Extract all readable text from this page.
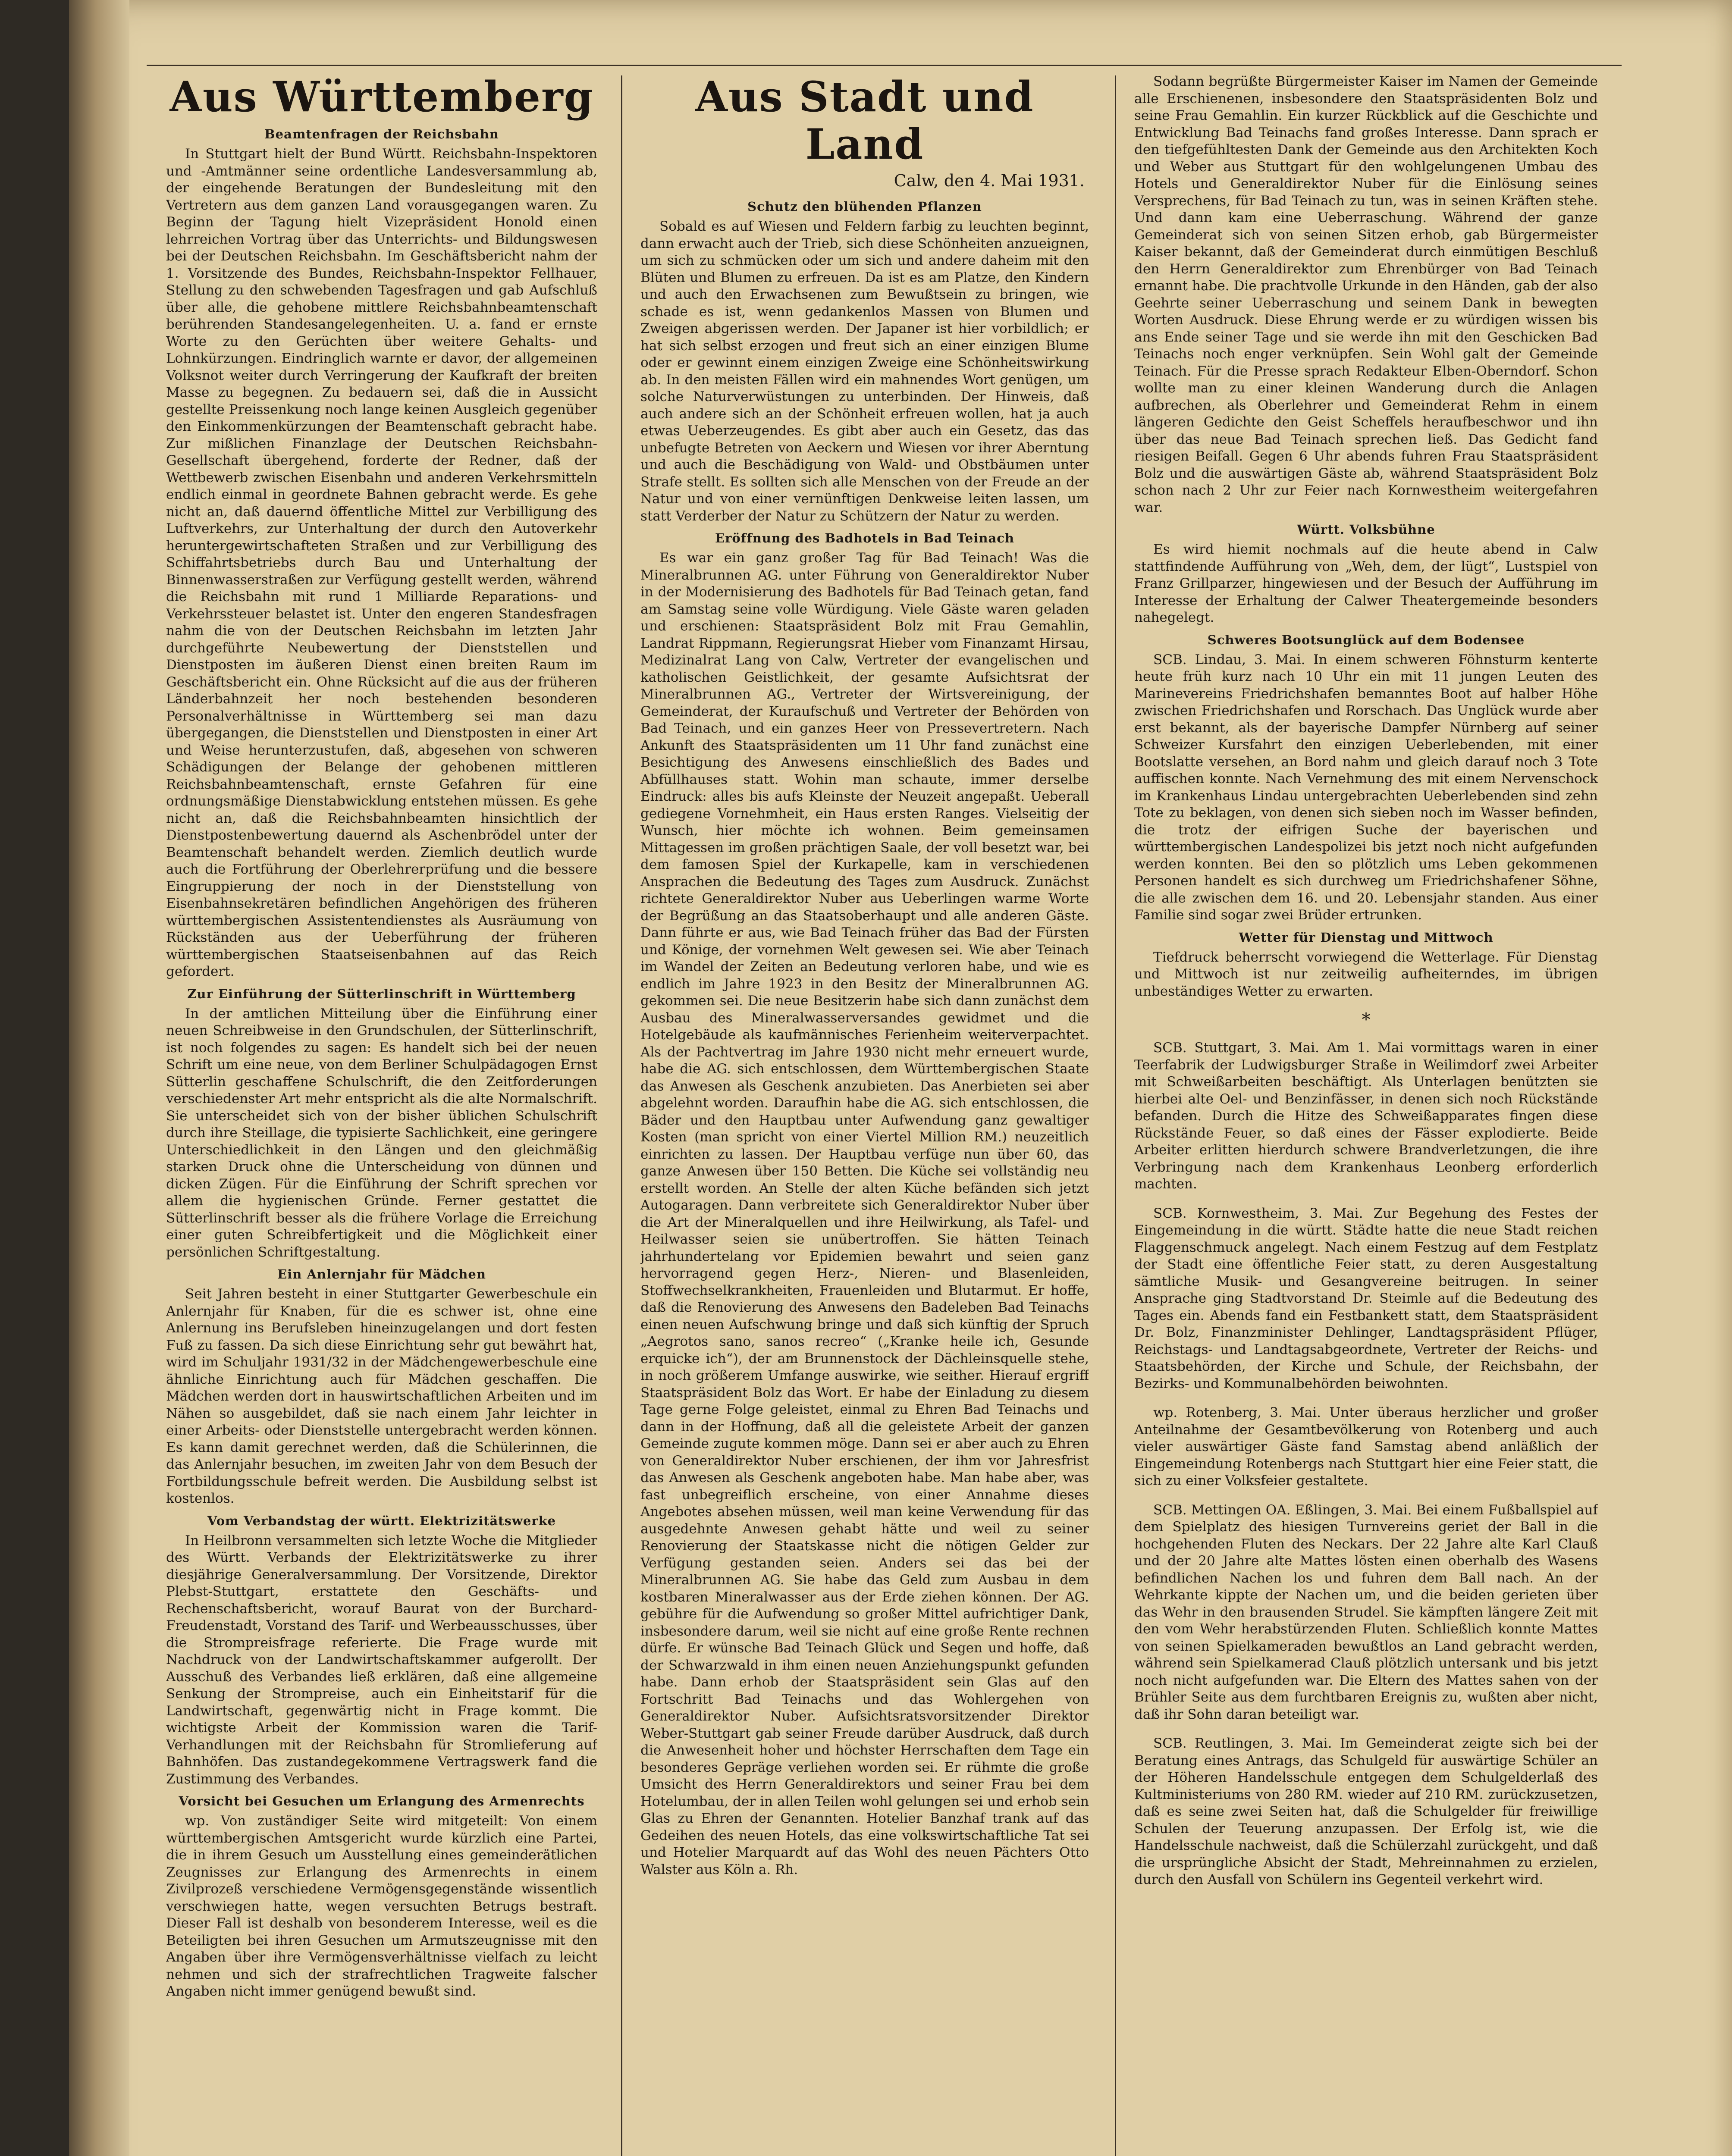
Aus Württemberg
Beamtenfragen der Reichsbahn

In Stuttgart hielt der Bund Württ. Reichsbahn-Inspektoren und -Amtmänner seine ordentliche Landesversammlung ab, der eingehende Beratungen der Bundesleitung mit den Vertretern aus dem ganzen Land vorausgegangen waren. Zu Beginn der Tagung hielt Vizepräsident Honold einen lehrreichen Vortrag über das Unterrichts- und Bildungswesen bei der Deutschen Reichsbahn. Im Geschäftsbericht nahm der 1. Vorsitzende des Bundes, Reichsbahn-Inspektor Fellhauer, Stellung zu den schwebenden Tagesfragen und gab Aufschluß über alle, die gehobene mittlere Reichsbahnbeamtenschaft berührenden Standesangelegenheiten. U. a. fand er ernste Worte zu den Gerüchten über weitere Gehalts- und Lohnkürzungen. Eindringlich warnte er davor, der allgemeinen Volksnot weiter durch Verringerung der Kaufkraft der breiten Masse zu begegnen. Zu bedauern sei, daß die in Aussicht gestellte Preissenkung noch lange keinen Ausgleich gegenüber den Einkommenkürzungen der Beamtenschaft gebracht habe. Zur mißlichen Finanzlage der Deutschen Reichsbahn-Gesellschaft übergehend, forderte der Redner, daß der Wettbewerb zwischen Eisenbahn und anderen Verkehrsmitteln endlich einmal in geordnete Bahnen gebracht werde. Es gehe nicht an, daß dauernd öffentliche Mittel zur Verbilligung des Luftverkehrs, zur Unterhaltung der durch den Autoverkehr heruntergewirtschafteten Straßen und zur Verbilligung des Schiffahrtsbetriebs durch Bau und Unterhaltung der Binnenwasserstraßen zur Verfügung gestellt werden, während die Reichsbahn mit rund 1 Milliarde Reparations- und Verkehrssteuer belastet ist. Unter den engeren Standesfragen nahm die von der Deutschen Reichsbahn im letzten Jahr durchgeführte Neubewertung der Dienststellen und Dienstposten im äußeren Dienst einen breiten Raum im Geschäftsbericht ein. Ohne Rücksicht auf die aus der früheren Länderbahnzeit her noch bestehenden besonderen Personalverhältnisse in Württemberg sei man dazu übergegangen, die Dienststellen und Dienstposten in einer Art und Weise herunterzustufen, daß, abgesehen von schweren Schädigungen der Belange der gehobenen mittleren Reichsbahnbeamtenschaft, ernste Gefahren für eine ordnungsmäßige Dienstabwicklung entstehen müssen. Es gehe nicht an, daß die Reichsbahnbeamten hinsichtlich der Dienstpostenbewertung dauernd als Aschenbrödel unter der Beamtenschaft behandelt werden. Ziemlich deutlich wurde auch die Fortführung der Oberlehrerprüfung und die bessere Eingruppierung der noch in der Dienststellung von Eisenbahnsekretären befindlichen Angehörigen des früheren württembergischen Assistentendienstes als Ausräumung von Rückständen aus der Ueberführung der früheren württembergischen Staatseisenbahnen auf das Reich gefordert.

Zur Einführung der Sütterlinschrift in Württemberg

In der amtlichen Mitteilung über die Einführung einer neuen Schreibweise in den Grundschulen, der Sütterlinschrift, ist noch folgendes zu sagen: Es handelt sich bei der neuen Schrift um eine neue, von dem Berliner Schulpädagogen Ernst Sütterlin geschaffene Schulschrift, die den Zeitforderungen verschiedenster Art mehr entspricht als die alte Normalschrift. Sie unterscheidet sich von der bisher üblichen Schulschrift durch ihre Steillage, die typisierte Sachlichkeit, eine geringere Unterschiedlichkeit in den Längen und den gleichmäßig starken Druck ohne die Unterscheidung von dünnen und dicken Zügen. Für die Einführung der Schrift sprechen vor allem die hygienischen Gründe. Ferner gestattet die Sütterlinschrift besser als die frühere Vorlage die Erreichung einer guten Schreibfertigkeit und die Möglichkeit einer persönlichen Schriftgestaltung.

Ein Anlernjahr für Mädchen

Seit Jahren besteht in einer Stuttgarter Gewerbeschule ein Anlernjahr für Knaben, für die es schwer ist, ohne eine Anlernung ins Berufsleben hineinzugelangen und dort festen Fuß zu fassen. Da sich diese Einrichtung sehr gut bewährt hat, wird im Schuljahr 1931/32 in der Mädchengewerbeschule eine ähnliche Einrichtung auch für Mädchen geschaffen. Die Mädchen werden dort in hauswirtschaftlichen Arbeiten und im Nähen so ausgebildet, daß sie nach einem Jahr leichter in einer Arbeits- oder Dienststelle untergebracht werden können. Es kann damit gerechnet werden, daß die Schülerinnen, die das Anlernjahr besuchen, im zweiten Jahr von dem Besuch der Fortbildungsschule befreit werden. Die Ausbildung selbst ist kostenlos.

Vom Verbandstag der württ. Elektrizitätswerke

In Heilbronn versammelten sich letzte Woche die Mitglieder des Württ. Verbands der Elektrizitätswerke zu ihrer diesjährige Generalversammlung. Der Vorsitzende, Direktor Plebst-Stuttgart, erstattete den Geschäfts- und Rechenschaftsbericht, worauf Baurat von der Burchard-Freudenstadt, Vorstand des Tarif- und Werbeausschusses, über die Strompreisfrage referierte. Die Frage wurde mit Nachdruck von der Landwirtschaftskammer aufgerollt. Der Ausschuß des Verbandes ließ erklären, daß eine allgemeine Senkung der Strompreise, auch ein Einheitstarif für die Landwirtschaft, gegenwärtig nicht in Frage kommt. Die wichtigste Arbeit der Kommission waren die Tarif-Verhandlungen mit der Reichsbahn für Stromlieferung auf Bahnhöfen. Das zustandegekommene Vertragswerk fand die Zustimmung des Verbandes.

Vorsicht bei Gesuchen um Erlangung des Armenrechts

wp. Von zuständiger Seite wird mitgeteilt: Von einem württembergischen Amtsgericht wurde kürzlich eine Partei, die in ihrem Gesuch um Ausstellung eines gemeinderätlichen Zeugnisses zur Erlangung des Armenrechts in einem Zivilprozeß verschiedene Vermögensgegenstände wissentlich verschwiegen hatte, wegen versuchten Betrugs bestraft. Dieser Fall ist deshalb von besonderem Interesse, weil es die Beteiligten bei ihren Gesuchen um Armutszeugnisse mit den Angaben über ihre Vermögensverhältnisse vielfach zu leicht nehmen und sich der strafrechtlichen Tragweite falscher Angaben nicht immer genügend bewußt sind.

Aus Stadt und Land
Calw, den 4. Mai 1931.
Schutz den blühenden Pflanzen

Sobald es auf Wiesen und Feldern farbig zu leuchten beginnt, dann erwacht auch der Trieb, sich diese Schönheiten anzueignen, um sich zu schmücken oder um sich und andere daheim mit den Blüten und Blumen zu erfreuen. Da ist es am Platze, den Kindern und auch den Erwachsenen zum Bewußtsein zu bringen, wie schade es ist, wenn gedankenlos Massen von Blumen und Zweigen abgerissen werden. Der Japaner ist hier vorbildlich; er hat sich selbst erzogen und freut sich an einer einzigen Blume oder er gewinnt einem einzigen Zweige eine Schönheitswirkung ab. In den meisten Fällen wird ein mahnendes Wort genügen, um solche Naturverwüstungen zu unterbinden. Der Hinweis, daß auch andere sich an der Schönheit erfreuen wollen, hat ja auch etwas Ueberzeugendes. Es gibt aber auch ein Gesetz, das das unbefugte Betreten von Aeckern und Wiesen vor ihrer Aberntung und auch die Beschädigung von Wald- und Obstbäumen unter Strafe stellt. Es sollten sich alle Menschen von der Freude an der Natur und von einer vernünftigen Denkweise leiten lassen, um statt Verderber der Natur zu Schützern der Natur zu werden.

Eröffnung des Badhotels in Bad Teinach

Es war ein ganz großer Tag für Bad Teinach! Was die Mineralbrunnen AG. unter Führung von Generaldirektor Nuber in der Modernisierung des Badhotels für Bad Teinach getan, fand am Samstag seine volle Würdigung. Viele Gäste waren geladen und erschienen: Staatspräsident Bolz mit Frau Gemahlin, Landrat Rippmann, Regierungsrat Hieber vom Finanzamt Hirsau, Medizinalrat Lang von Calw, Vertreter der evangelischen und katholischen Geistlichkeit, der gesamte Aufsichtsrat der Mineralbrunnen AG., Vertreter der Wirtsvereinigung, der Gemeinderat, der Kuraufschuß und Vertreter der Behörden von Bad Teinach, und ein ganzes Heer von Pressevertretern. Nach Ankunft des Staatspräsidenten um 11 Uhr fand zunächst eine Besichtigung des Anwesens einschließlich des Bades und Abfüllhauses statt. Wohin man schaute, immer derselbe Eindruck: alles bis aufs Kleinste der Neuzeit angepaßt. Ueberall gediegene Vornehmheit, ein Haus ersten Ranges. Vielseitig der Wunsch, hier möchte ich wohnen. Beim gemeinsamen Mittagessen im großen prächtigen Saale, der voll besetzt war, bei dem famosen Spiel der Kurkapelle, kam in verschiedenen Ansprachen die Bedeutung des Tages zum Ausdruck. Zunächst richtete Generaldirektor Nuber aus Ueberlingen warme Worte der Begrüßung an das Staatsoberhaupt und alle anderen Gäste. Dann führte er aus, wie Bad Teinach früher das Bad der Fürsten und Könige, der vornehmen Welt gewesen sei. Wie aber Teinach im Wandel der Zeiten an Bedeutung verloren habe, und wie es endlich im Jahre 1923 in den Besitz der Mineralbrunnen AG. gekommen sei. Die neue Besitzerin habe sich dann zunächst dem Ausbau des Mineralwasserversandes gewidmet und die Hotelgebäude als kaufmännisches Ferienheim weiterverpachtet. Als der Pachtvertrag im Jahre 1930 nicht mehr erneuert wurde, habe die AG. sich entschlossen, dem Württembergischen Staate das Anwesen als Geschenk anzubieten. Das Anerbieten sei aber abgelehnt worden. Daraufhin habe die AG. sich entschlossen, die Bäder und den Hauptbau unter Aufwendung ganz gewaltiger Kosten (man spricht von einer Viertel Million RM.) neuzeitlich einrichten zu lassen. Der Hauptbau verfüge nun über 60, das ganze Anwesen über 150 Betten. Die Küche sei vollständig neu erstellt worden. An Stelle der alten Küche befänden sich jetzt Autogaragen. Dann verbreitete sich Generaldirektor Nuber über die Art der Mineralquellen und ihre Heilwirkung, als Tafel- und Heilwasser seien sie unübertroffen. Sie hätten Teinach jahrhundertelang vor Epidemien bewahrt und seien ganz hervorragend gegen Herz-, Nieren- und Blasenleiden, Stoffwechselkrankheiten, Frauenleiden und Blutarmut. Er hoffe, daß die Renovierung des Anwesens den Badeleben Bad Teinachs einen neuen Aufschwung bringe und daß sich künftig der Spruch „Aegrotos sano, sanos recreo“ („Kranke heile ich, Gesunde erquicke ich“), der am Brunnenstock der Dächleinsquelle stehe, in noch größerem Umfange auswirke, wie seither. Hierauf ergriff Staatspräsident Bolz das Wort. Er habe der Einladung zu diesem Tage gerne Folge geleistet, einmal zu Ehren Bad Teinachs und dann in der Hoffnung, daß all die geleistete Arbeit der ganzen Gemeinde zugute kommen möge. Dann sei er aber auch zu Ehren von Generaldirektor Nuber erschienen, der ihm vor Jahresfrist das Anwesen als Geschenk angeboten habe. Man habe aber, was fast unbegreiflich erscheine, von einer Annahme dieses Angebotes absehen müssen, weil man keine Verwendung für das ausgedehnte Anwesen gehabt hätte und weil zu seiner Renovierung der Staatskasse nicht die nötigen Gelder zur Verfügung gestanden seien. Anders sei das bei der Mineralbrunnen AG. Sie habe das Geld zum Ausbau in dem kostbaren Mineralwasser aus der Erde ziehen können. Der AG. gebühre für die Aufwendung so großer Mittel aufrichtiger Dank, insbesondere darum, weil sie nicht auf eine große Rente rechnen dürfe. Er wünsche Bad Teinach Glück und Segen und hoffe, daß der Schwarzwald in ihm einen neuen Anziehungspunkt gefunden habe. Dann erhob der Staatspräsident sein Glas auf den Fortschritt Bad Teinachs und das Wohlergehen von Generaldirektor Nuber. Aufsichtsratsvorsitzender Direktor Weber-Stuttgart gab seiner Freude darüber Ausdruck, daß durch die Anwesenheit hoher und höchster Herrschaften dem Tage ein besonderes Gepräge verliehen worden sei. Er rühmte die große Umsicht des Herrn Generaldirektors und seiner Frau bei dem Hotelumbau, der in allen Teilen wohl gelungen sei und erhob sein Glas zu Ehren der Genannten. Hotelier Banzhaf trank auf das Gedeihen des neuen Hotels, das eine volkswirtschaftliche Tat sei und Hotelier Marquardt auf das Wohl des neuen Pächters Otto Walster aus Köln a. Rh.

Sodann begrüßte Bürgermeister Kaiser im Namen der Gemeinde alle Erschienenen, insbesondere den Staatspräsidenten Bolz und seine Frau Gemahlin. Ein kurzer Rückblick auf die Geschichte und Entwicklung Bad Teinachs fand großes Interesse. Dann sprach er den tiefgefühltesten Dank der Gemeinde aus den Architekten Koch und Weber aus Stuttgart für den wohlgelungenen Umbau des Hotels und Generaldirektor Nuber für die Einlösung seines Versprechens, für Bad Teinach zu tun, was in seinen Kräften stehe. Und dann kam eine Ueberraschung. Während der ganze Gemeinderat sich von seinen Sitzen erhob, gab Bürgermeister Kaiser bekannt, daß der Gemeinderat durch einmütigen Beschluß den Herrn Generaldirektor zum Ehrenbürger von Bad Teinach ernannt habe. Die prachtvolle Urkunde in den Händen, gab der also Geehrte seiner Ueberraschung und seinem Dank in bewegten Worten Ausdruck. Diese Ehrung werde er zu würdigen wissen bis ans Ende seiner Tage und sie werde ihn mit den Geschicken Bad Teinachs noch enger verknüpfen. Sein Wohl galt der Gemeinde Teinach. Für die Presse sprach Redakteur Elben-Oberndorf. Schon wollte man zu einer kleinen Wanderung durch die Anlagen aufbrechen, als Oberlehrer und Gemeinderat Rehm in einem längeren Gedichte den Geist Scheffels heraufbeschwor und ihn über das neue Bad Teinach sprechen ließ. Das Gedicht fand riesigen Beifall. Gegen 6 Uhr abends fuhren Frau Staatspräsident Bolz und die auswärtigen Gäste ab, während Staatspräsident Bolz schon nach 2 Uhr zur Feier nach Kornwestheim weitergefahren war.

Württ. Volksbühne

Es wird hiemit nochmals auf die heute abend in Calw stattfindende Aufführung von „Weh, dem, der lügt“, Lustspiel von Franz Grillparzer, hingewiesen und der Besuch der Aufführung im Interesse der Erhaltung der Calwer Theatergemeinde besonders nahegelegt.

Schweres Bootsunglück auf dem Bodensee

SCB. Lindau, 3. Mai. In einem schweren Föhnsturm kenterte heute früh kurz nach 10 Uhr ein mit 11 jungen Leuten des Marinevereins Friedrichshafen bemanntes Boot auf halber Höhe zwischen Friedrichshafen und Rorschach. Das Unglück wurde aber erst bekannt, als der bayerische Dampfer Nürnberg auf seiner Schweizer Kursfahrt den einzigen Ueberlebenden, mit einer Bootslatte versehen, an Bord nahm und gleich darauf noch 3 Tote auffischen konnte. Nach Vernehmung des mit einem Nervenschock im Krankenhaus Lindau untergebrachten Ueberlebenden sind zehn Tote zu beklagen, von denen sich sieben noch im Wasser befinden, die trotz der eifrigen Suche der bayerischen und württembergischen Landespolizei bis jetzt noch nicht aufgefunden werden konnten. Bei den so plötzlich ums Leben gekommenen Personen handelt es sich durchweg um Friedrichshafener Söhne, die alle zwischen dem 16. und 20. Lebensjahr standen. Aus einer Familie sind sogar zwei Brüder ertrunken.

Wetter für Dienstag und Mittwoch

Tiefdruck beherrscht vorwiegend die Wetterlage. Für Dienstag und Mittwoch ist nur zeitweilig aufheiterndes, im übrigen unbeständiges Wetter zu erwarten.

*

SCB. Stuttgart, 3. Mai. Am 1. Mai vormittags waren in einer Teerfabrik der Ludwigsburger Straße in Weilimdorf zwei Arbeiter mit Schweißarbeiten beschäftigt. Als Unterlagen benützten sie hierbei alte Oel- und Benzinfässer, in denen sich noch Rückstände befanden. Durch die Hitze des Schweißapparates fingen diese Rückstände Feuer, so daß eines der Fässer explodierte. Beide Arbeiter erlitten hierdurch schwere Brandverletzungen, die ihre Verbringung nach dem Krankenhaus Leonberg erforderlich machten.

SCB. Kornwestheim, 3. Mai. Zur Begehung des Festes der Eingemeindung in die württ. Städte hatte die neue Stadt reichen Flaggenschmuck angelegt. Nach einem Festzug auf dem Festplatz der Stadt eine öffentliche Feier statt, zu deren Ausgestaltung sämtliche Musik- und Gesangvereine beitrugen. In seiner Ansprache ging Stadtvorstand Dr. Steimle auf die Bedeutung des Tages ein. Abends fand ein Festbankett statt, dem Staatspräsident Dr. Bolz, Finanzminister Dehlinger, Landtagspräsident Pflüger, Reichstags- und Landtagsabgeordnete, Vertreter der Reichs- und Staatsbehörden, der Kirche und Schule, der Reichsbahn, der Bezirks- und Kommunalbehörden beiwohnten.

wp. Rotenberg, 3. Mai. Unter überaus herzlicher und großer Anteilnahme der Gesamtbevölkerung von Rotenberg und auch vieler auswärtiger Gäste fand Samstag abend anläßlich der Eingemeindung Rotenbergs nach Stuttgart hier eine Feier statt, die sich zu einer Volksfeier gestaltete.

SCB. Mettingen OA. Eßlingen, 3. Mai. Bei einem Fußballspiel auf dem Spielplatz des hiesigen Turnvereins geriet der Ball in die hochgehenden Fluten des Neckars. Der 22 Jahre alte Karl Clauß und der 20 Jahre alte Mattes lösten einen oberhalb des Wasens befindlichen Nachen los und fuhren dem Ball nach. An der Wehrkante kippte der Nachen um, und die beiden gerieten über das Wehr in den brausenden Strudel. Sie kämpften längere Zeit mit den vom Wehr herabstürzenden Fluten. Schließlich konnte Mattes von seinen Spielkameraden bewußtlos an Land gebracht werden, während sein Spielkamerad Clauß plötzlich untersank und bis jetzt noch nicht aufgefunden war. Die Eltern des Mattes sahen von der Brühler Seite aus dem furchtbaren Ereignis zu, wußten aber nicht, daß ihr Sohn daran beteiligt war.

SCB. Reutlingen, 3. Mai. Im Gemeinderat zeigte sich bei der Beratung eines Antrags, das Schulgeld für auswärtige Schüler an der Höheren Handelsschule entgegen dem Schulgelderlaß des Kultministeriums von 280 RM. wieder auf 210 RM. zurückzusetzen, daß es seine zwei Seiten hat, daß die Schulgelder für freiwillige Schulen der Teuerung anzupassen. Der Erfolg ist, wie die Handelsschule nachweist, daß die Schülerzahl zurückgeht, und daß die ursprüngliche Absicht der Stadt, Mehreinnahmen zu erzielen, durch den Ausfall von Schülern ins Gegenteil verkehrt wird.
